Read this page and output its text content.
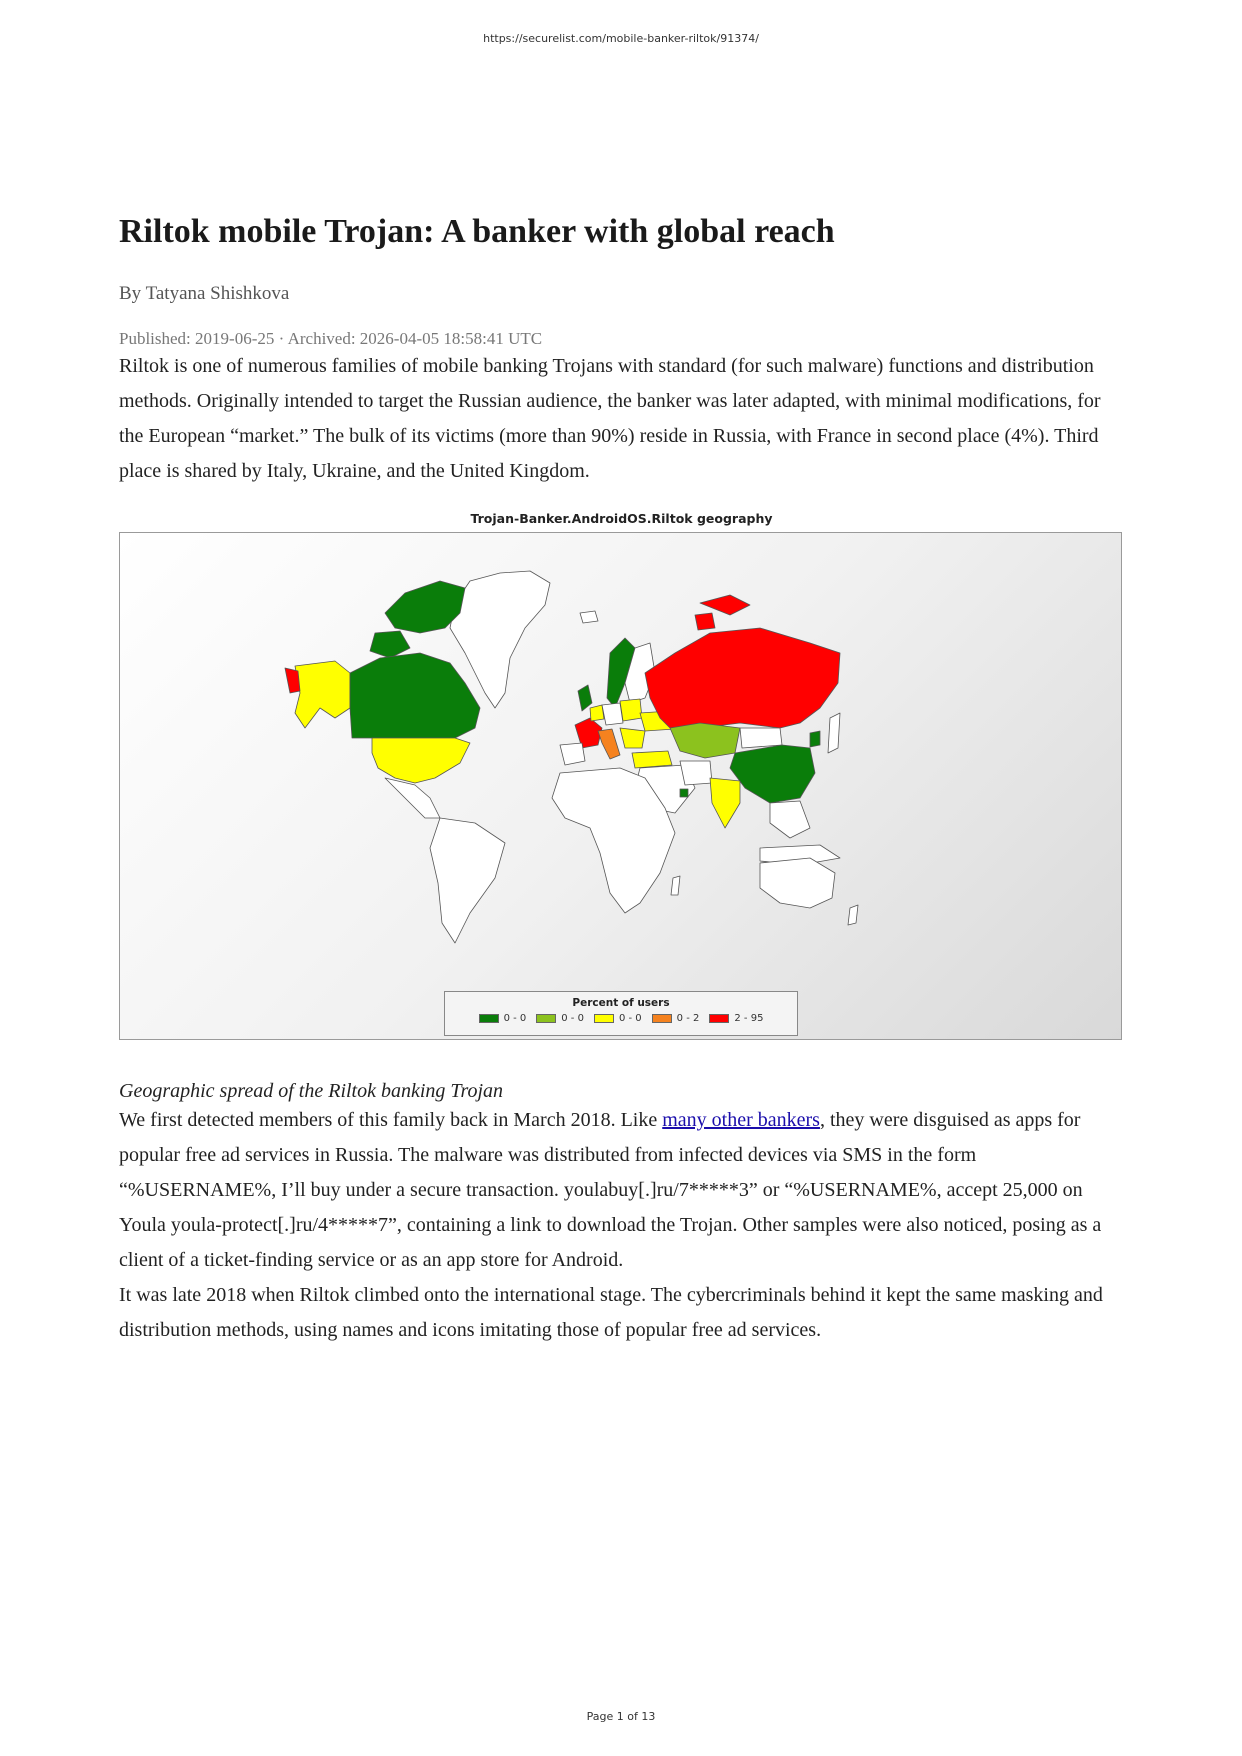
https://securelist.com/mobile-banker-riltok/91374/
Riltok mobile Trojan: A banker with global reach
By Tatyana Shishkova
Published: 2019-06-25 · Archived: 2026-04-05 18:58:41 UTC

Riltok is one of numerous families of mobile banking Trojans with standard (for such malware) functions and distribution methods. Originally intended to target the Russian audience, the banker was later adapted, with minimal modifications, for the European “market.” The bulk of its victims (more than 90%) reside in Russia, with France in second place (4%). Third place is shared by Italy, Ukraine, and the United Kingdom.

Trojan-Banker.AndroidOS.Riltok geography
Percent of users
0 - 0	0 - 0	0 - 0	0 - 2	2 - 95
Geographic spread of the Riltok banking Trojan

We first detected members of this family back in March 2018. Like many other bankers, they were disguised as apps for popular free ad services in Russia. The malware was distributed from infected devices via SMS in the form “%USERNAME%, I’ll buy under a secure transaction. youlabuy[.]ru/7*****3” or “%USERNAME%, accept 25,000 on Youla youla-protect[.]ru/4*****7”, containing a link to download the Trojan. Other samples were also noticed, posing as a client of a ticket-finding service or as an app store for Android.

It was late 2018 when Riltok climbed onto the international stage. The cybercriminals behind it kept the same masking and distribution methods, using names and icons imitating those of popular free ad services.

Page 1 of 13
